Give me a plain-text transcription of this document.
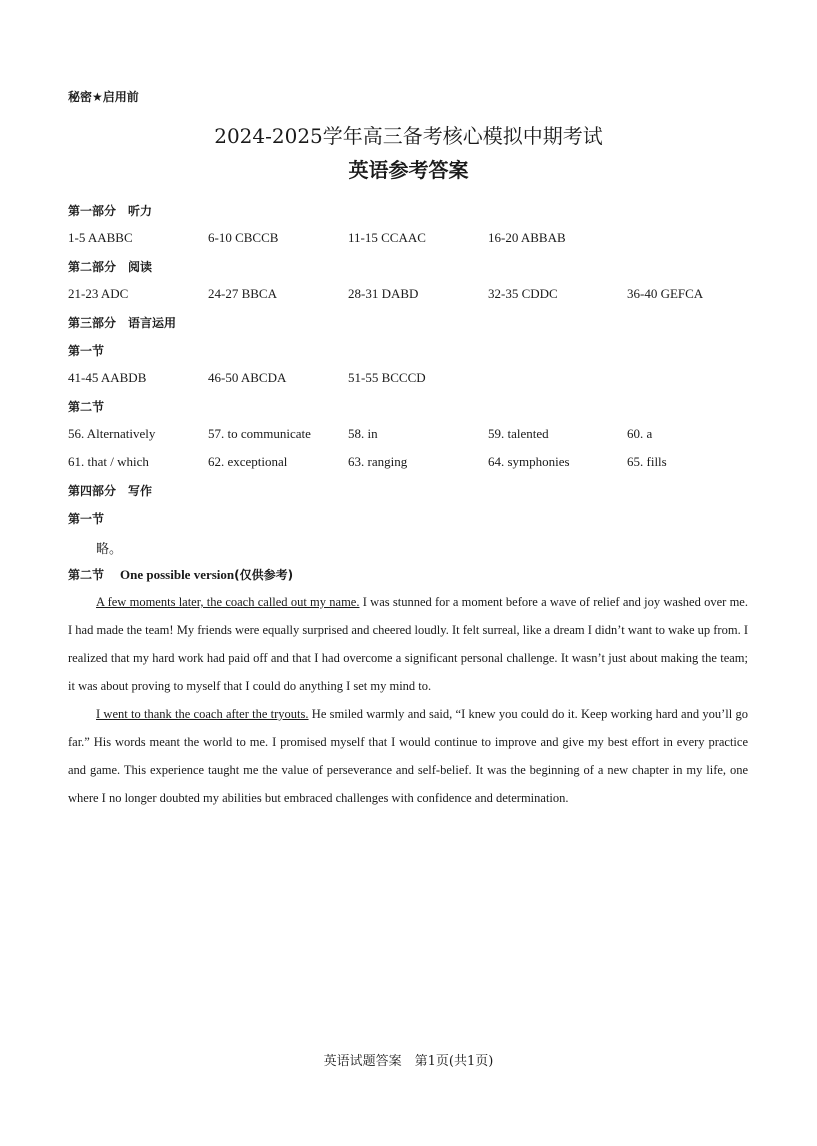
秘密★启用前
2024-2025学年高三备考核心模拟中期考试
英语参考答案
第一部分　听力
1-5 AABBC	6-10 CBCCB	11-15 CCAAC	16-20 ABBAB
第二部分　阅读
21-23 ADC	24-27 BBCA	28-31 DABD	32-35 CDDC	36-40 GEFCA
第三部分　语言运用
第一节
41-45 AABDB	46-50 ABCDA	51-55 BCCCD
第二节
56. Alternatively	57. to communicate	58. in	59. talented	60. a
61. that / which	62. exceptional	63. ranging	64. symphonies	65. fills
第四部分　写作
第一节
略。
第二节 One possible version(仅供参考)

A few moments later, the coach called out my name. I was stunned for a moment before a wave of relief and joy washed over me. I had made the team! My friends were equally surprised and cheered loudly. It felt surreal, like a dream I didn’t want to wake up from. I realized that my hard work had paid off and that I had overcome a significant personal challenge. It wasn’t just about making the team; it was about proving to myself that I could do anything I set my mind to.

I went to thank the coach after the tryouts. He smiled warmly and said, “I knew you could do it. Keep working hard and you’ll go far.” His words meant the world to me. I promised myself that I would continue to improve and give my best effort in every practice and game. This experience taught me the value of perseverance and self-belief. It was the beginning of a new chapter in my life, one where I no longer doubted my abilities but embraced challenges with confidence and determination.

英语试题答案　第1页(共1页)
